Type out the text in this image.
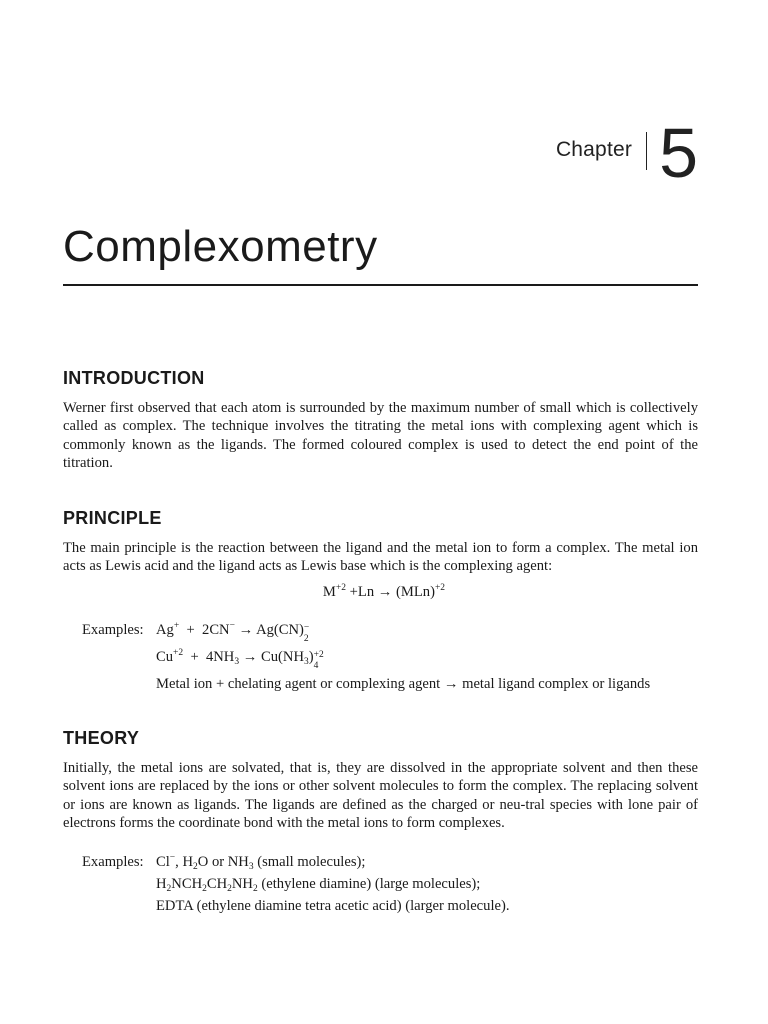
Chapter 5
Complexometry
INTRODUCTION

Werner first observed that each atom is surrounded by the maximum number of small which is collectively called as complex. The technique involves the titrating the metal ions with complexing agent which is commonly known as the ligands. The formed coloured complex is used to detect the end point of the titration.

PRINCIPLE

The main principle is the reaction between the ligand and the metal ion to form a complex. The metal ion acts as Lewis acid and the ligand acts as Lewis base which is the complexing agent:

$M^{+2} +Ln \to (MLn)^{+2}$
Examples: Ag+ + 2CN− → Ag(CN) −
2
$Cu^{+2} + 4NH_3 \to Cu(NH_3) +2$
4
Metal ion + chelating agent or complexing agent → metal ligand complex or ligands
THEORY

Initially, the metal ions are solvated, that is, they are dissolved in the appropriate solvent and then these solvent ions are replaced by the ions or other solvent molecules to form the complex. The replacing solvent or ions are known as ligands. The ligands are defined as the charged or neu-tral species with lone pair of electrons forms the coordinate bond with the metal ions to form complexes.

Examples: Cl−, $H_2O$ or $NH_3$ (small molecules);
$H_2NCH_2CH_2NH_2$ (ethylene diamine) (large molecules);
EDTA (ethylene diamine tetra acetic acid) (larger molecule).
